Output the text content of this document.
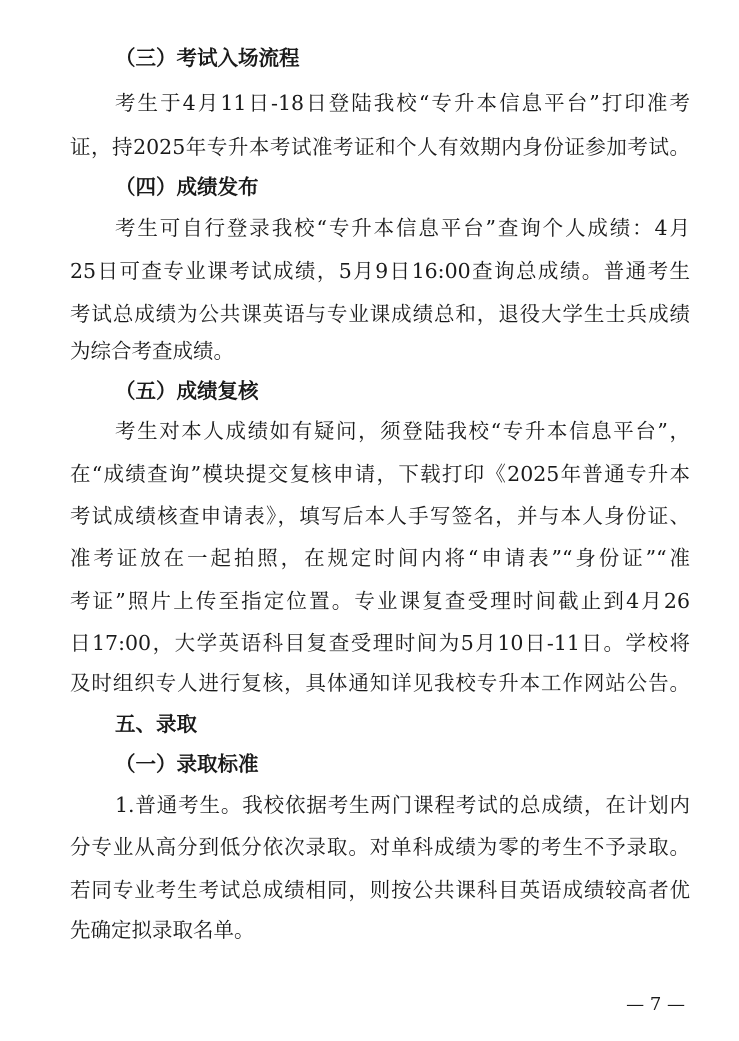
（三）考试入场流程
考生于4月11日-18日登陆我校“专升本信息平台”打印准考
证，持2025年专升本考试准考证和个人有效期内身份证参加考试。
（四）成绩发布
考生可自行登录我校“专升本信息平台”查询个人成绩：4月
25日可查专业课考试成绩，5月9日16:00查询总成绩。普通考生
考试总成绩为公共课英语与专业课成绩总和，退役大学生士兵成绩
为综合考查成绩。
（五）成绩复核
考生对本人成绩如有疑问，须登陆我校“专升本信息平台”，
在“成绩查询”模块提交复核申请，下载打印《2025年普通专升本
考试成绩核查申请表》，填写后本人手写签名，并与本人身份证、
准考证放在一起拍照，在规定时间内将“申请表”“身份证”“准
考证”照片上传至指定位置。专业课复查受理时间截止到4月26
日17:00，大学英语科目复查受理时间为5月10日-11日。学校将
及时组织专人进行复核，具体通知详见我校专升本工作网站公告。
五、录取
（一）录取标准
1.普通考生。我校依据考生两门课程考试的总成绩，在计划内
分专业从高分到低分依次录取。对单科成绩为零的考生不予录取。
若同专业考生考试总成绩相同，则按公共课科目英语成绩较高者优
先确定拟录取名单。
— 7 —
